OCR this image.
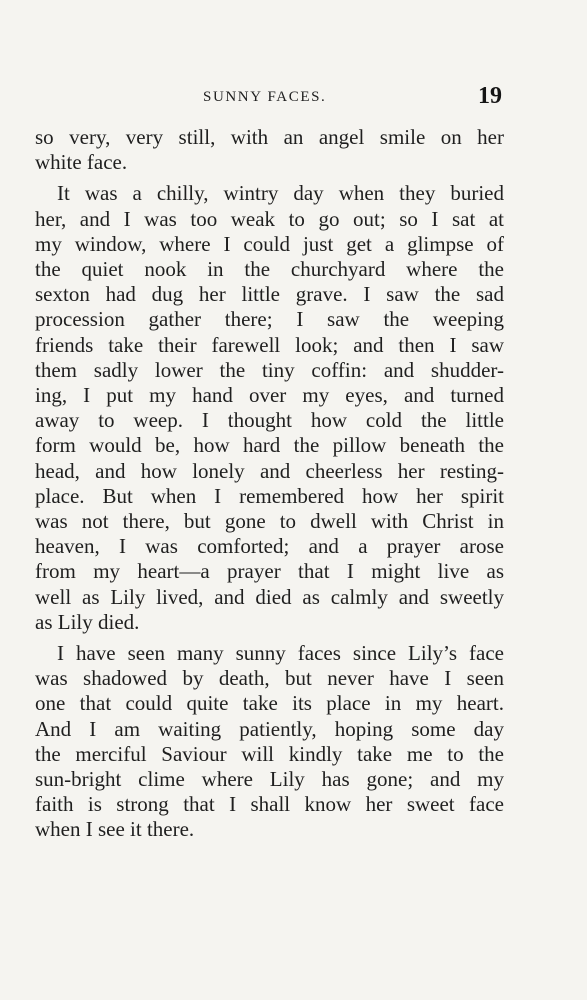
SUNNY FACES.	19
so very, very still, with an angel smile on her
white face.
It was a chilly, wintry day when they buried
her, and I was too weak to go out; so I sat at
my window, where I could just get a glimpse of
the quiet nook in the churchyard where the
sexton had dug her little grave. I saw the sad
procession gather there; I saw the weeping
friends take their farewell look; and then I saw
them sadly lower the tiny coffin: and shudder-
ing, I put my hand over my eyes, and turned
away to weep. I thought how cold the little
form would be, how hard the pillow beneath the
head, and how lonely and cheerless her resting-
place. But when I remembered how her spirit
was not there, but gone to dwell with Christ in
heaven, I was comforted; and a prayer arose
from my heart—a prayer that I might live as
well as Lily lived, and died as calmly and sweetly
as Lily died.
I have seen many sunny faces since Lily’s face
was shadowed by death, but never have I seen
one that could quite take its place in my heart.
And I am waiting patiently, hoping some day
the merciful Saviour will kindly take me to the
sun-bright clime where Lily has gone; and my
faith is strong that I shall know her sweet face
when I see it there.
